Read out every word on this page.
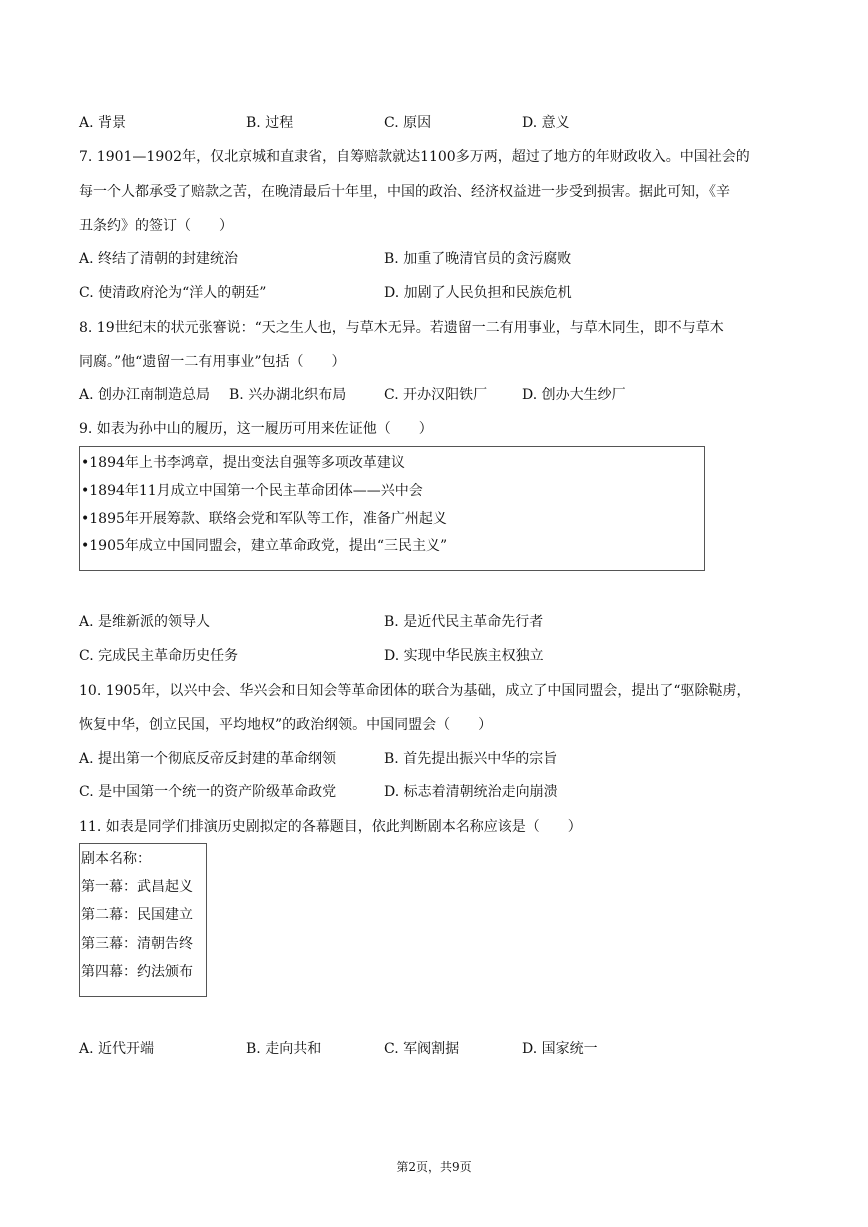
A. 背景	B. 过程	C. 原因	D. 意义
7. 1901—1902年，仅北京城和直隶省，自筹赔款就达1100多万两，超过了地方的年财政收入。中国社会的
每一个人都承受了赔款之苦，在晚清最后十年里，中国的政治、经济权益进一步受到损害。据此可知，《辛
丑条约》的签订（　　）
A. 终结了清朝的封建统治	B. 加重了晚清官员的贪污腐败
C. 使清政府沦为“洋人的朝廷”	D. 加剧了人民负担和民族危机
8. 19世纪末的状元张謇说：“天之生人也，与草木无异。若遗留一二有用事业，与草木同生，即不与草木
同腐。”他“遗留一二有用事业”包括（　　）
A. 创办江南制造总局 B. 兴办湖北织布局	C. 开办汉阳铁厂 D. 创办大生纱厂
9. 如表为孙中山的履历，这一履历可用来佐证他（　　）
•1894年上书李鸿章，提出变法自强等多项改革建议
•1894年11月成立中国第一个民主革命团体——兴中会
•1895年开展筹款、联络会党和军队等工作，准备广州起义
•1905年成立中国同盟会，建立革命政党，提出“三民主义”
A. 是维新派的领导人	B. 是近代民主革命先行者
C. 完成民主革命历史任务	D. 实现中华民族主权独立
10. 1905年，以兴中会、华兴会和日知会等革命团体的联合为基础，成立了中国同盟会，提出了“驱除鞑虏，
恢复中华，创立民国，平均地权”的政治纲领。中国同盟会（　　）
A. 提出第一个彻底反帝反封建的革命纲领	B. 首先提出振兴中华的宗旨
C. 是中国第一个统一的资产阶级革命政党	D. 标志着清朝统治走向崩溃
11. 如表是同学们排演历史剧拟定的各幕题目，依此判断剧本名称应该是（　　）
剧本名称：
第一幕：武昌起义
第二幕：民国建立
第三幕：清朝告终
第四幕：约法颁布
A. 近代开端	B. 走向共和	C. 军阀割据	D. 国家统一
第2页，共9页
